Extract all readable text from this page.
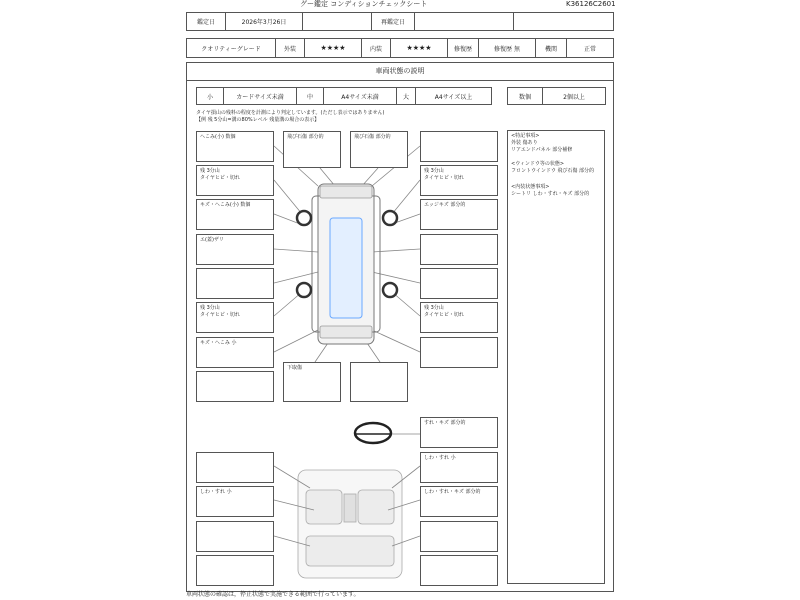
グー鑑定 コンディションチェックシート	K36126C2601
鑑定日	2026年3月26日	再鑑定日
クオリティーグレード	外装	★★★★	内装	★★★★	修復歴	修復歴 無	機関	正常
車両状態の説明
小	カードサイズ未満	中	A4サイズ未満	大	A4サイズ以上	数個	2個以上
タイヤ損山の残料の程度を計測により判定しています。(ただし表示ではありません)
【例 残 5分山=溝の80%レベル 残量溝の場合の表示】
<特記事項>
外装 傷あり
リアエンドパネル 部分補修
<ウィンドウ等の状態>
フロントウインドウ 飛び石傷 部分的
<内装状態事項>
シートリ しわ・すれ・キズ 部分的
へこみ(小) 数個
残 3分山
タイヤヒビ・切れ
キズ・へこみ(小) 数個
エ(蓋)ザリ
残 3分山
タイヤヒビ・切れ
キズ・へこみ 小
しわ・すれ 小
飛び石傷 部分的	飛び石傷 部分的
下取傷
残 3分山
タイヤヒビ・切れ
エッジキズ 部分的
残 3分山
タイヤヒビ・切れ
すれ・キズ 部分的
しわ・すれ 小
しわ・すれ・キズ 部分的
車両状態の確認は，停止状態で実施できる範囲で行っています。
